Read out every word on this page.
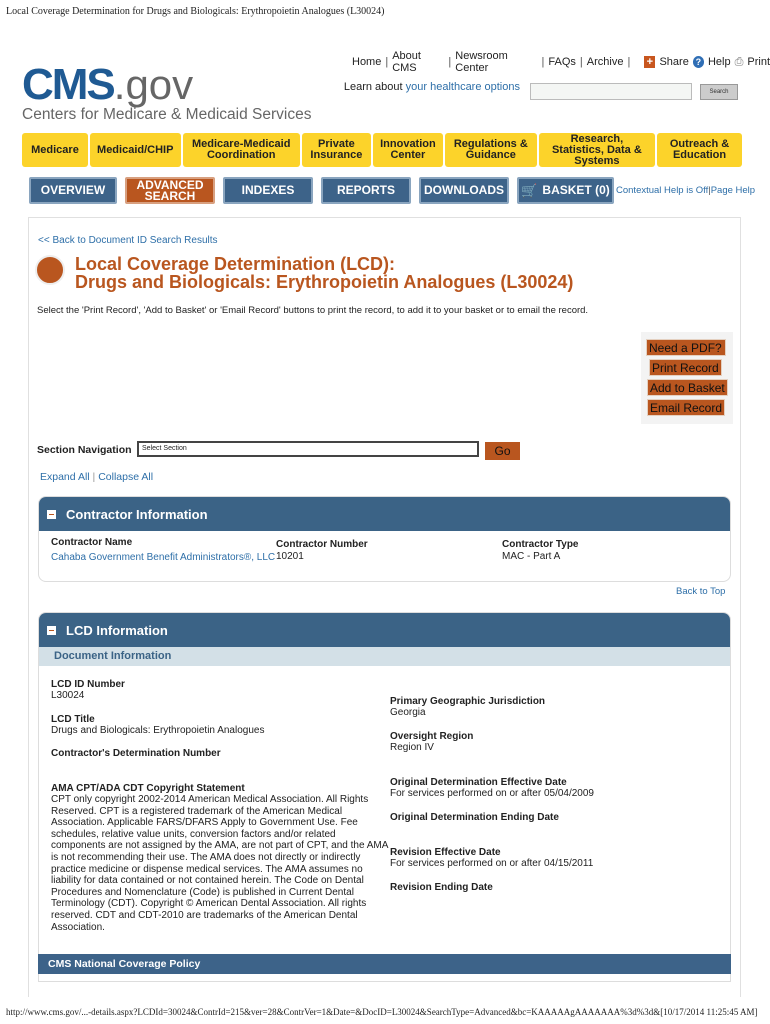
Local Coverage Determination for Drugs and Biologicals: Erythropoietin Analogues (L30024)
Home | About CMS	| Newsroom Center	| FAQs | Archive | + Share ? Help ⎙ Print
CMS.gov
Centers for Medicare & Medicaid Services
Learn about your healthcare options	Search
Medicare	Medicaid/CHIP	Medicare-Medicaid Coordination
Private Insurance
Innovation Center
Regulations & Guidance
Research, Statistics, Data & Systems
Outreach & Education
OVERVIEW	ADVANCED SEARCH	INDEXES	REPORTS	DOWNLOADS	🛒 BASKET (0) Contextual Help is Off|Page Help
<< Back to Document ID Search Results
Local Coverage Determination (LCD):
Drugs and Biologicals: Erythropoietin Analogues (L30024)
Select the 'Print Record', 'Add to Basket' or 'Email Record' buttons to print the record, to add it to your basket or to email the record.
Need a PDF?
Print Record
Add to Basket
Email Record
Section Navigation	Select Section	Go
Expand All | Collapse All
Contractor Information
Contractor Name
Cahaba Government Benefit Administrators®, LLC
Contractor Number
10201
Contractor Type
MAC - Part A
Back to Top
LCD Information
Document Information
LCD ID Number
L30024
LCD Title
Drugs and Biologicals: Erythropoietin Analogues
Contractor's Determination Number
AMA CPT/ADA CDT Copyright Statement
CPT only copyright 2002-2014 American Medical Association. All Rights Reserved. CPT is a registered trademark of the American Medical Association. Applicable FARS/DFARS Apply to Government Use. Fee schedules, relative value units, conversion factors and/or related components are not assigned by the AMA, are not part of CPT, and the AMA is not recommending their use. The AMA does not directly or indirectly practice medicine or dispense medical services. The AMA assumes no liability for data contained or not contained herein. The Code on Dental Procedures and Nomenclature (Code) is published in Current Dental Terminology (CDT). Copyright © American Dental Association. All rights reserved. CDT and CDT-2010 are trademarks of the American Dental Association.
Primary Geographic Jurisdiction
Georgia
Oversight Region
Region IV
Original Determination Effective Date
For services performed on or after 05/04/2009
Original Determination Ending Date
Revision Effective Date
For services performed on or after 04/15/2011
Revision Ending Date
CMS National Coverage Policy
http://www.cms.gov/...-details.aspx?LCDId=30024&ContrId=215&ver=28&ContrVer=1&Date=&DocID=L30024&SearchType=Advanced&bc=KAAAAAgAAAAAAA%3d%3d&[10/17/2014 11:25:45 AM]
